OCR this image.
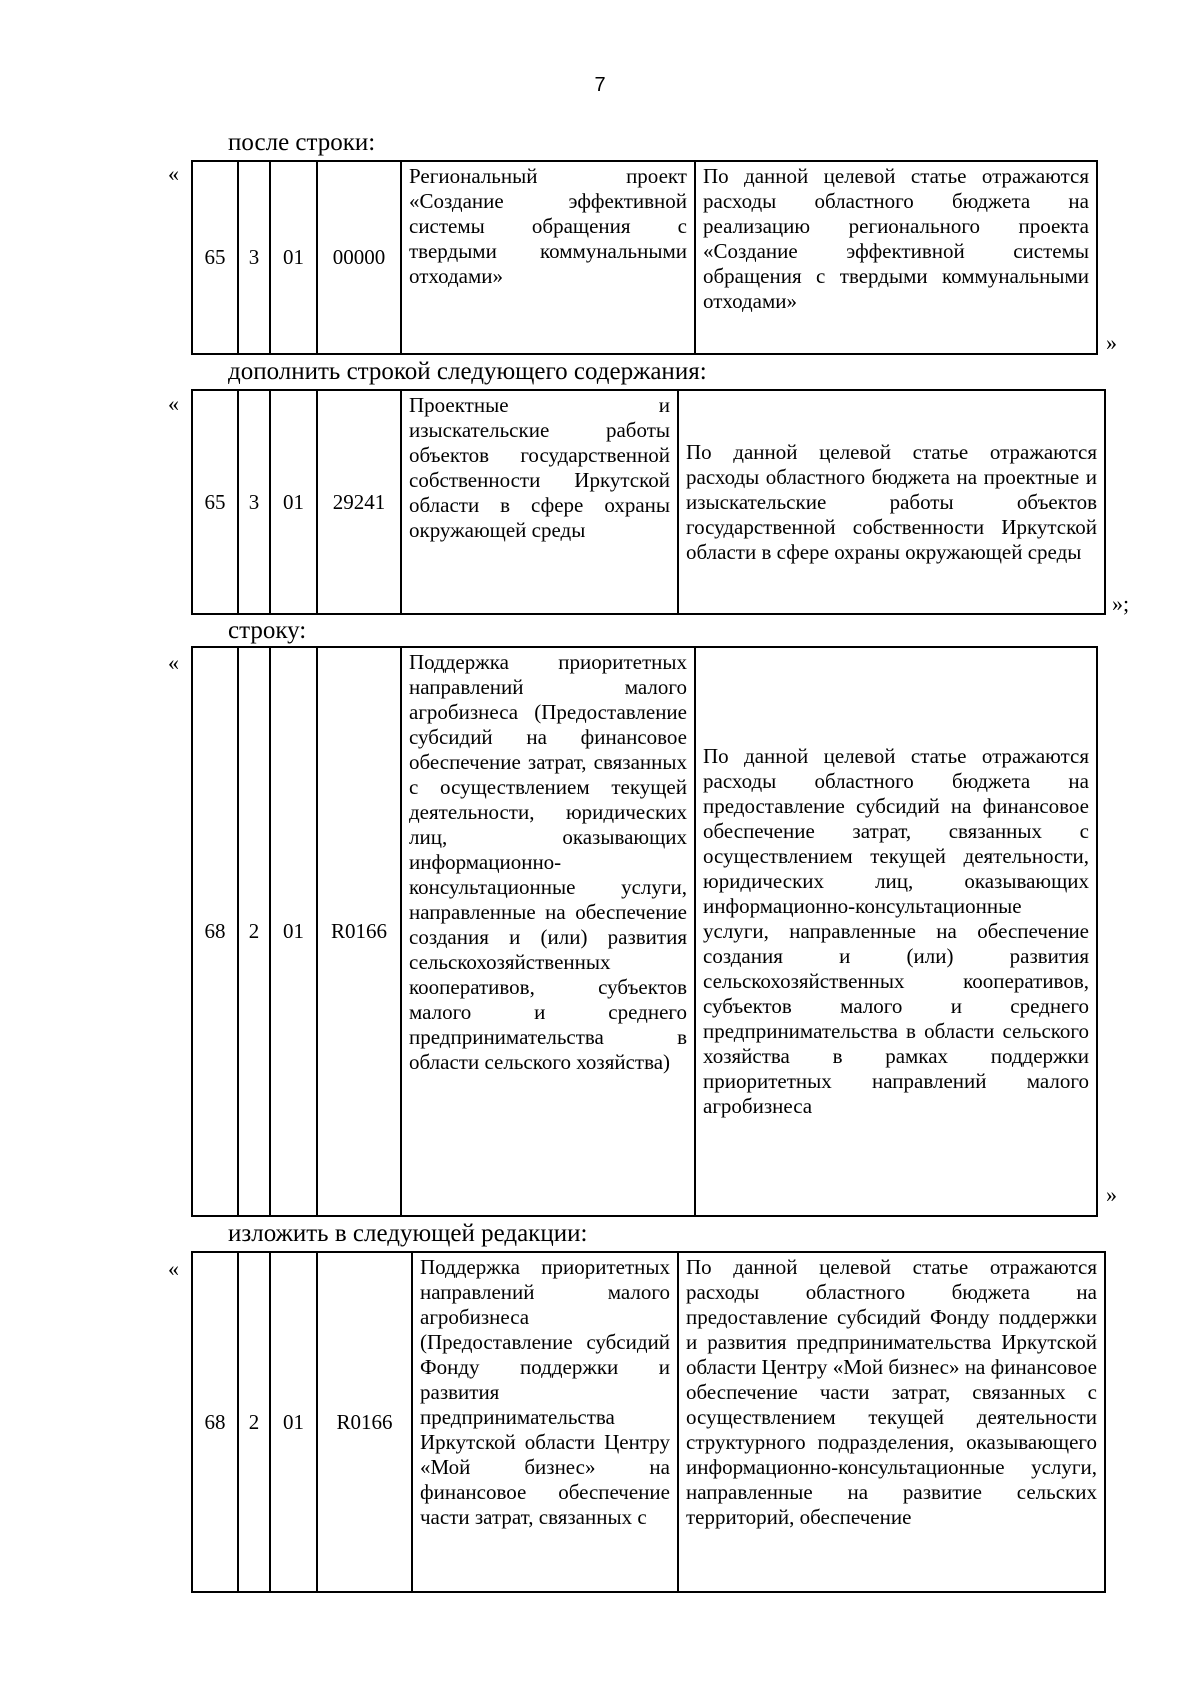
7
после строки:
«
65	3	01	00000	Региональный проект «Создание эффективной системы обращения с твердыми коммунальными отходами»	По данной целевой статье отражаются расходы областного бюджета на реализацию регионального проекта «Создание эффективной системы обращения с твердыми коммунальными отходами»
»
дополнить строкой следующего содержания:
«
65	3	01	29241	Проектные и изыскательские работы объектов государственной собственности Иркутской области в сфере охраны окружающей среды	По данной целевой статье отражаются расходы областного бюджета на проектные и изыскательские работы объектов государственной собственности Иркутской области в сфере охраны окружающей среды
»;
строку:
«
68	2	01	R0166	Поддержка приоритетных направлений малого агробизнеса (Предоставление субсидий на финансовое обеспечение затрат, связанных с осуществлением текущей деятельности, юридических лиц, оказывающих информационно-консультационные услуги, направленные на обеспечение создания и (или) развития сельскохозяйственных кооперативов, субъектов малого и среднего предпринимательства в области сельского хозяйства)	По данной целевой статье отражаются расходы областного бюджета на предоставление субсидий на финансовое обеспечение затрат, связанных с осуществлением текущей деятельности, юридических лиц, оказывающих информационно-консультационные услуги, направленные на обеспечение создания и (или) развития сельскохозяйственных кооперативов, субъектов малого и среднего предпринимательства в области сельского хозяйства в рамках поддержки приоритетных направлений малого агробизнеса
»
изложить в следующей редакции:
«
68	2	01	R0166	Поддержка приоритетных направлений малого агробизнеса (Предоставление субсидий Фонду поддержки и развития предпринимательства Иркутской области Центру «Мой бизнес» на финансовое обеспечение части затрат, связанных с	По данной целевой статье отражаются расходы областного бюджета на предоставление субсидий Фонду поддержки и развития предпринимательства Иркутской области Центру «Мой бизнес» на финансовое обеспечение части затрат, связанных с осуществлением текущей деятельности структурного подразделения, оказывающего информационно-консультационные услуги, направленные на развитие сельских территорий, обеспечение
